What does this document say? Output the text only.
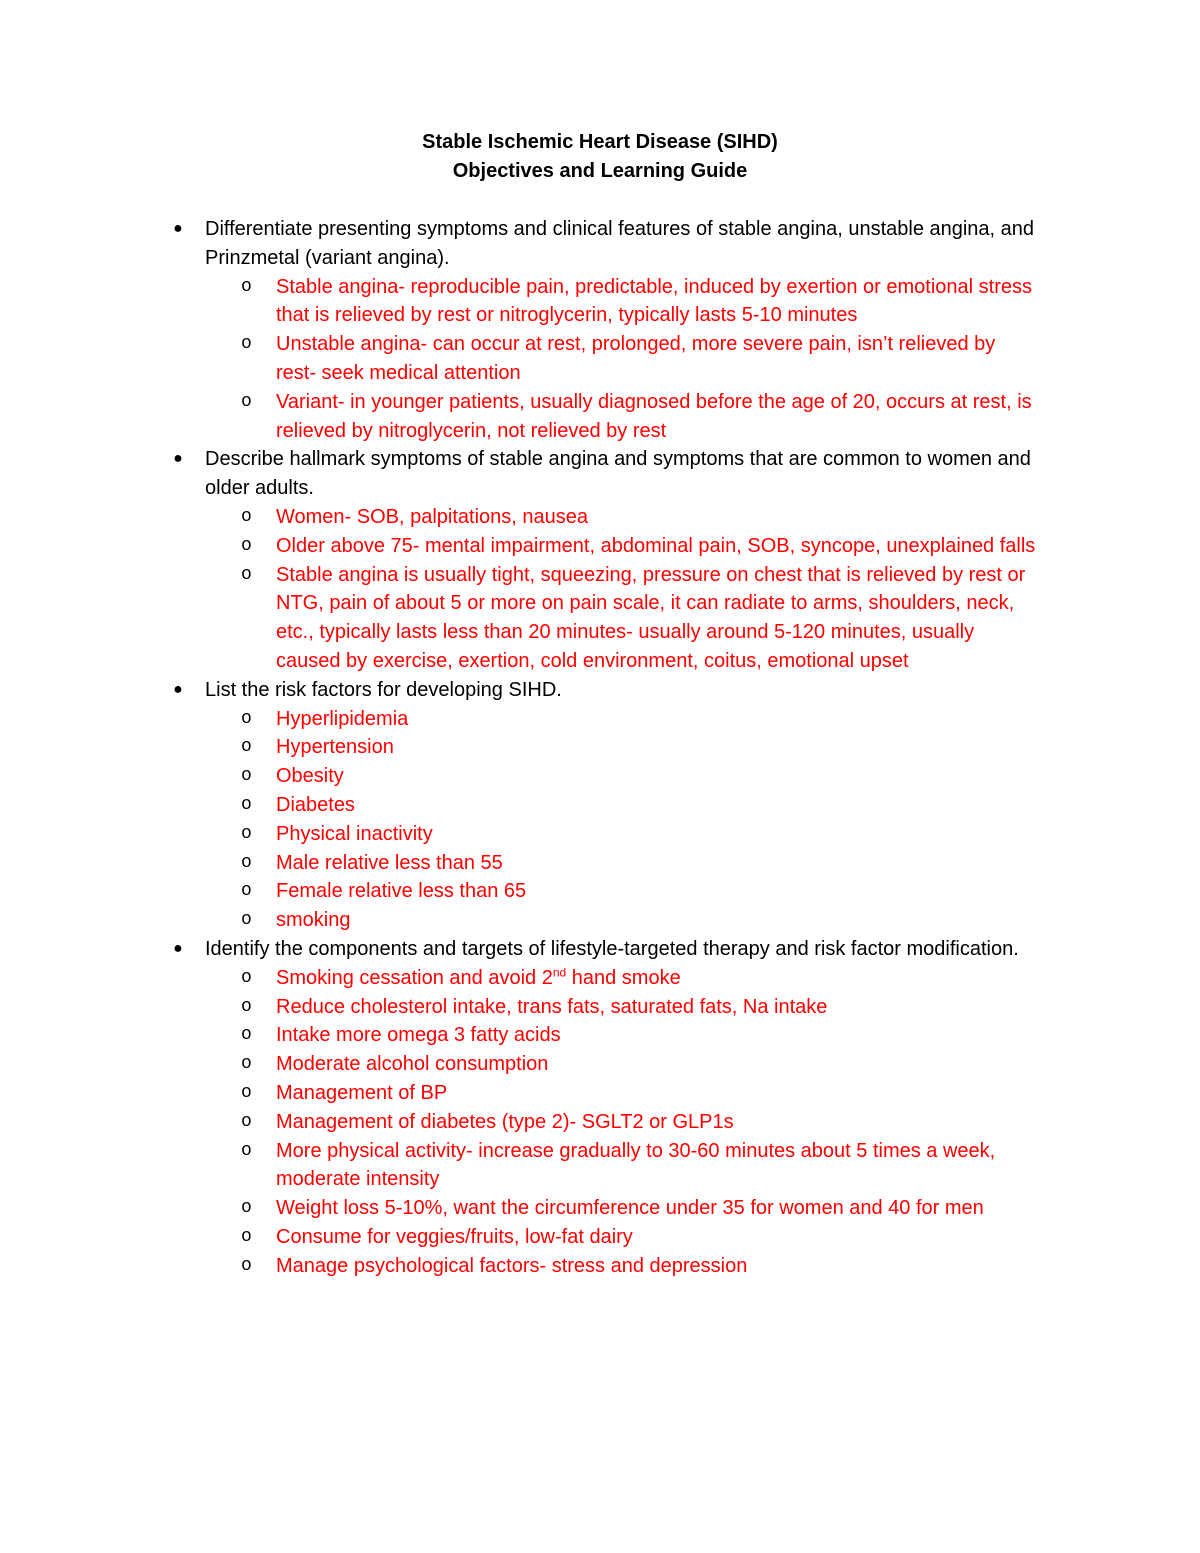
Stable Ischemic Heart Disease (SIHD)
Objectives and Learning Guide
● Differentiate presenting symptoms and clinical features of stable angina, unstable angina, and Prinzmetal (variant angina).
o Stable angina- reproducible pain, predictable, induced by exertion or emotional stress that is relieved by rest or nitroglycerin, typically lasts 5-10 minutes
o Unstable angina- can occur at rest, prolonged, more severe pain, isn’t relieved by rest- seek medical attention
o Variant- in younger patients, usually diagnosed before the age of 20, occurs at rest, is relieved by nitroglycerin, not relieved by rest
● Describe hallmark symptoms of stable angina and symptoms that are common to women and older adults.
o Women- SOB, palpitations, nausea
o Older above 75- mental impairment, abdominal pain, SOB, syncope, unexplained falls
o Stable angina is usually tight, squeezing, pressure on chest that is relieved by rest or NTG, pain of about 5 or more on pain scale, it can radiate to arms, shoulders, neck, etc., typically lasts less than 20 minutes- usually around 5-120 minutes, usually caused by exercise, exertion, cold environment, coitus, emotional upset
● List the risk factors for developing SIHD.
o Hyperlipidemia
o Hypertension
o Obesity
o Diabetes
o Physical inactivity
o Male relative less than 55
o Female relative less than 65
o smoking
● Identify the components and targets of lifestyle-targeted therapy and risk factor modification.
o Smoking cessation and avoid 2nd hand smoke
o Reduce cholesterol intake, trans fats, saturated fats, Na intake
o Intake more omega 3 fatty acids
o Moderate alcohol consumption
o Management of BP
o Management of diabetes (type 2)- SGLT2 or GLP1s
o More physical activity- increase gradually to 30-60 minutes about 5 times a week, moderate intensity
o Weight loss 5-10%, want the circumference under 35 for women and 40 for men
o Consume for veggies/fruits, low-fat dairy
o Manage psychological factors- stress and depression
